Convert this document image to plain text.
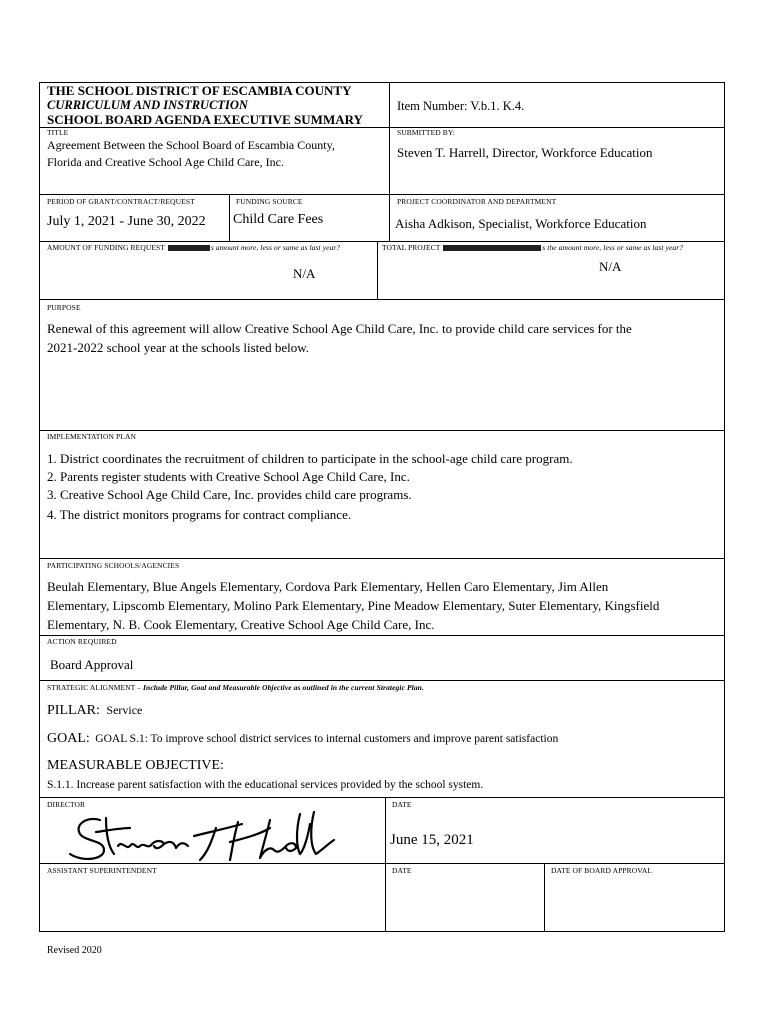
THE SCHOOL DISTRICT OF ESCAMBIA COUNTY
CURRICULUM AND INSTRUCTION
SCHOOL BOARD AGENDA EXECUTIVE SUMMARY
Item Number: V.b.1. K.4.
TITLE
Agreement Between the School Board of Escambia County,
Florida and Creative School Age Child Care, Inc.
SUBMITTED BY:
Steven T. Harrell, Director, Workforce Education
PERIOD OF GRANT/CONTRACT/REQUEST
July 1, 2021 - June 30, 2022
FUNDING SOURCE
Child Care Fees
PROJECT COORDINATOR AND DEPARTMENT
Aisha Adkison, Specialist, Workforce Education
AMOUNT OF FUNDING REQUEST	s amount more, less or same as last year?
N/A
TOTAL PROJECT	s the amount more, less or same as last year?
N/A
PURPOSE
Renewal of this agreement will allow Creative School Age Child Care, Inc. to provide child care services for the
2021-2022 school year at the schools listed below.
IMPLEMENTATION PLAN
1. District coordinates the recruitment of children to participate in the school-age child care program.
2. Parents register students with Creative School Age Child Care, Inc.
3. Creative School Age Child Care, Inc. provides child care programs.
4. The district monitors programs for contract compliance.
PARTICIPATING SCHOOLS/AGENCIES
Beulah Elementary, Blue Angels Elementary, Cordova Park Elementary, Hellen Caro Elementary, Jim Allen
Elementary, Lipscomb Elementary, Molino Park Elementary, Pine Meadow Elementary, Suter Elementary, Kingsfield
Elementary, N. B. Cook Elementary, Creative School Age Child Care, Inc.
ACTION REQUIRED
Board Approval
STRATEGIC ALIGNMENT – Include Pillar, Goal and Measurable Objective as outlined in the current Strategic Plan.
PILLAR: Service
GOAL: GOAL S.1: To improve school district services to internal customers and improve parent satisfaction
MEASURABLE OBJECTIVE:
S.1.1. Increase parent satisfaction with the educational services provided by the school system.
DIRECTOR	DATE
June 15, 2021
ASSISTANT SUPERINTENDENT	DATE	DATE OF BOARD APPROVAL
Revised 2020
